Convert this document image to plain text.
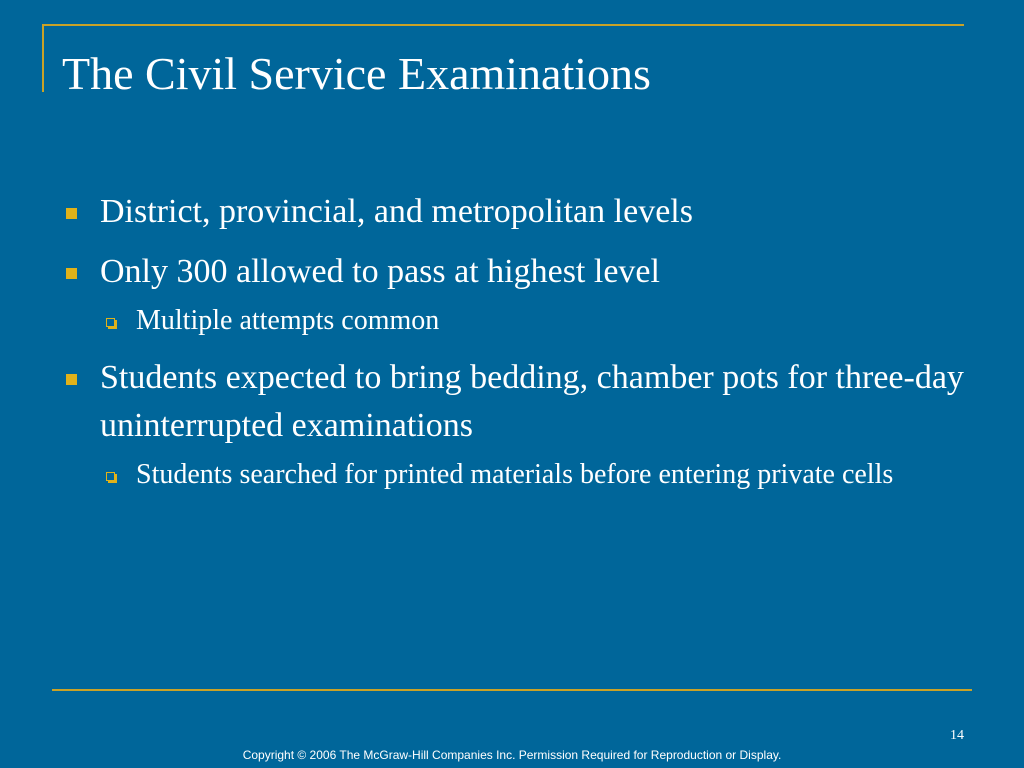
The Civil Service Examinations
District, provincial, and metropolitan levels
Only 300 allowed to pass at highest level
Multiple attempts common
Students expected to bring bedding, chamber pots for three-day uninterrupted examinations
Students searched for printed materials before entering private cells
14
Copyright © 2006 The McGraw-Hill Companies Inc. Permission Required for Reproduction or Display.
